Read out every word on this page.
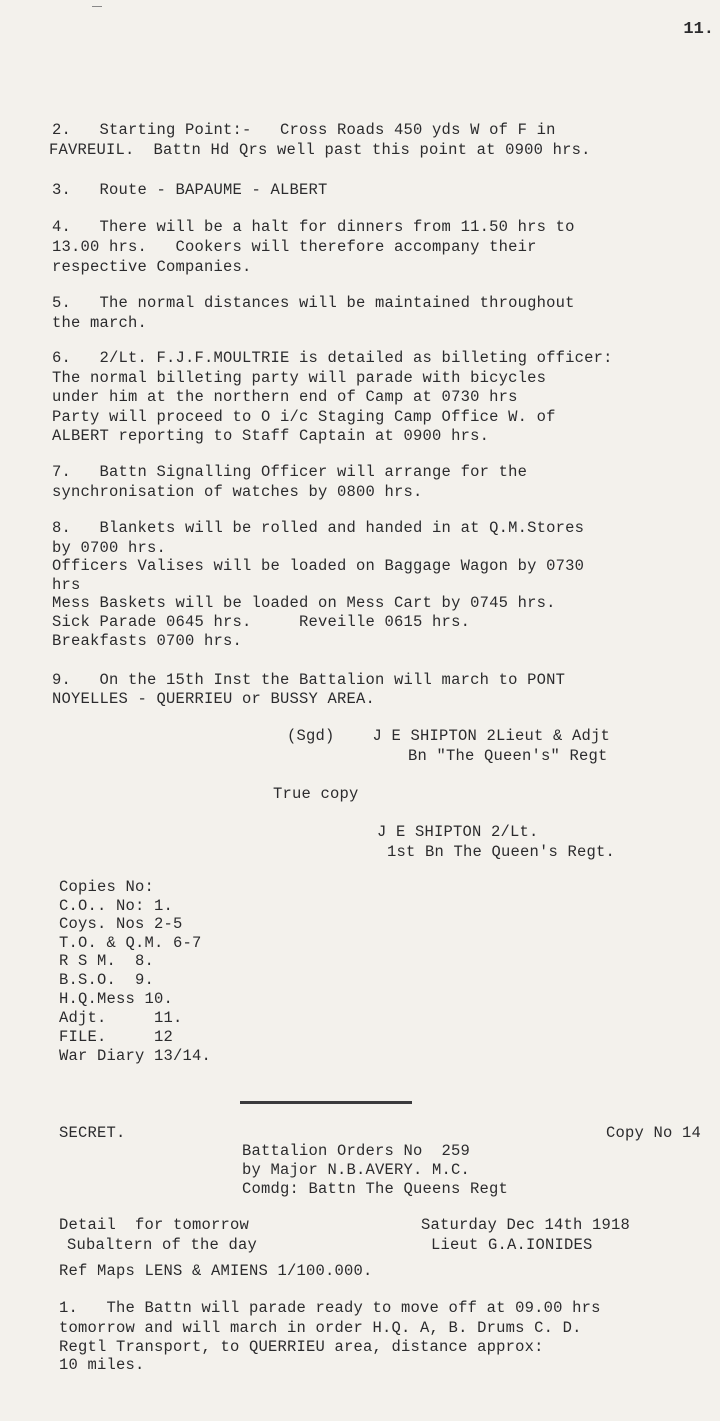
11.

2.   Starting Point:-   Cross Roads 450 yds W of F in

FAVREUIL.  Battn Hd Qrs well past this point at 0900 hrs.

3.   Route - BAPAUME - ALBERT

4.   There will be a halt for dinners from 11.50 hrs to

13.00 hrs.   Cookers will therefore accompany their

respective Companies.

5.   The normal distances will be maintained throughout

the march.

6.   2/Lt. F.J.F.MOULTRIE is detailed as billeting officer:

The normal billeting party will parade with bicycles

under him at the northern end of Camp at 0730 hrs

Party will proceed to O i/c Staging Camp Office W. of

ALBERT reporting to Staff Captain at 0900 hrs.

7.   Battn Signalling Officer will arrange for the

synchronisation of watches by 0800 hrs.

8.   Blankets will be rolled and handed in at Q.M.Stores

by 0700 hrs.

Officers Valises will be loaded on Baggage Wagon by 0730

hrs

Mess Baskets will be loaded on Mess Cart by 0745 hrs.

Sick Parade 0645 hrs.     Reveille 0615 hrs.

Breakfasts 0700 hrs.

9.   On the 15th Inst the Battalion will march to PONT

NOYELLES - QUERRIEU or BUSSY AREA.

(Sgd)    J E SHIPTON 2Lieut & Adjt

Bn "The Queen's" Regt

True copy

J E SHIPTON 2/Lt.

1st Bn The Queen's Regt.

Copies No:

C.O.. No: 1.

Coys. Nos 2-5

T.O. & Q.M. 6-7

R S M.  8.

B.S.O.  9.

H.Q.Mess 10.

Adjt.     11.

FILE.     12

War Diary 13/14.

SECRET.	Copy No 14

Battalion Orders No  259

by Major N.B.AVERY. M.C.

Comdg: Battn The Queens Regt

Detail  for tomorrow	Saturday Dec 14th 1918

Subaltern of the day	Lieut G.A.IONIDES

Ref Maps LENS & AMIENS 1/100.000.

1.   The Battn will parade ready to move off at 09.00 hrs

tomorrow and will march in order H.Q. A, B. Drums C. D.

Regtl Transport, to QUERRIEU area, distance approx:

10 miles.
